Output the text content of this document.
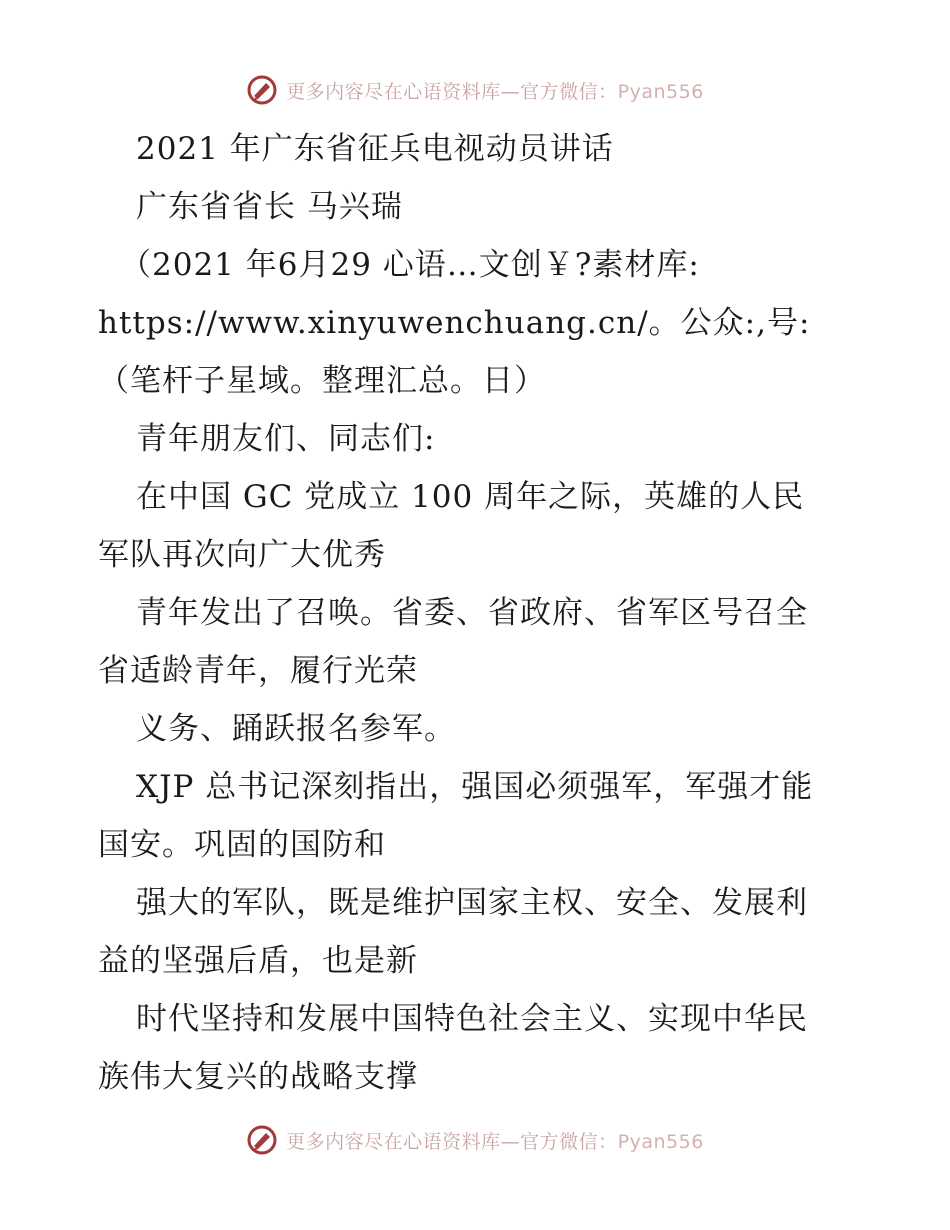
更多内容尽在心语资料库—官方微信：Pyan556
2021 年广东省征兵电视动员讲话
广东省省长 马兴瑞
（2021 年6月29 心语…文创￥?素材库:
https://www.xinyuwenchuang.cn/。公众:,号:
（笔杆子星域。整理汇总。日）
青年朋友们、同志们:
在中国 GC 党成立 100 周年之际，英雄的人民
军队再次向广大优秀
青年发出了召唤。省委、省政府、省军区号召全
省适龄青年，履行光荣
义务、踊跃报名参军。
XJP 总书记深刻指出，强国必须强军，军强才能
国安。巩固的国防和
强大的军队，既是维护国家主权、安全、发展利
益的坚强后盾，也是新
时代坚持和发展中国特色社会主义、实现中华民
族伟大复兴的战略支撑
更多内容尽在心语资料库—官方微信：Pyan556
